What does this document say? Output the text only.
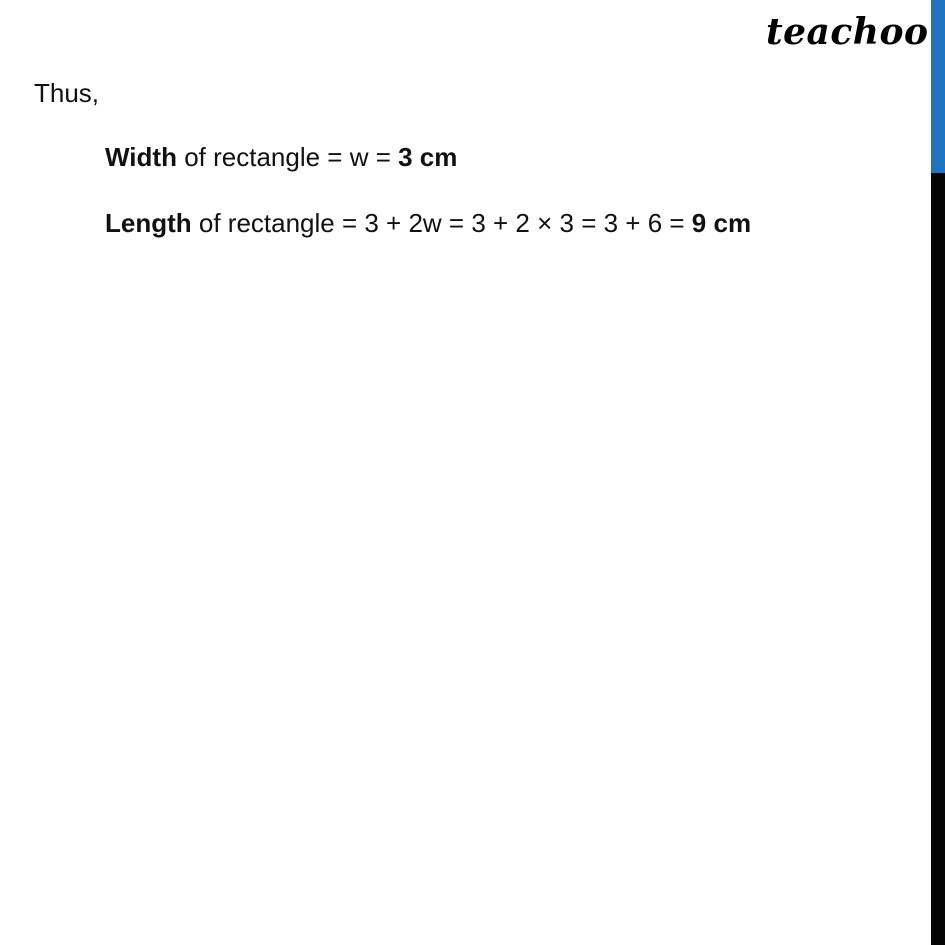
teachoo
Thus,
Width of rectangle = w = 3 cm
Length of rectangle = 3 + 2w = 3 + 2 × 3 = 3 + 6 = 9 cm
